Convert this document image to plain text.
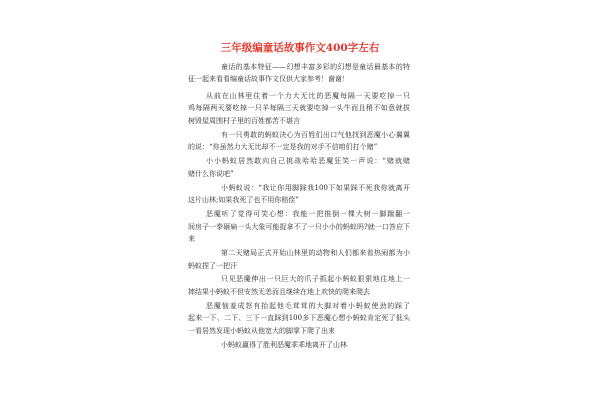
三年级编童话故事作文400字左右
童话的基本特征——幻想丰富多彩的幻想是童话最基本的特
征一起来看看编童话故事作文仅供大家参考！谢谢！
从前在山林里住着一个力大无比的恶魔每隔一天要吃掉一只
鸡每隔两天要吃掉一只羊每隔三天就要吃掉一头牛而且稍不如意就拔
树毁屋周围村子里的百姓都苦不堪言
有一只勇敢的蚂蚁决心为百姓们出口气他找到恶魔小心翼翼
的说：“你虽然力大无比却不一定是我的对手不信咱们打个赌”
小小蚂蚁居然敢向自己挑战哈哈恶魔狂笑一声说：“赌就赌
赌什么你说吧”
小蚂蚁说：“我让你用脚踩我100下如果踩不死我你就离开
这片山林;如果我死了也不用你赔偿”
恶魔听了觉得可笑心想：我能一把推倒一棵大树一脚踹翻一
间房子一拳砸扁一头大象可能捉拿不了一只小小的蚂蚁吗?就一口答应下
来
第二天赌局正式开始山林里的动物和人们都来看热闹都为小
蚂蚁捏了一把汗
只见恶魔伸出一只巨大的爪子抓起小蚂蚁狠狠地往地上一
摔结果小蚂蚁不但安然无恙而且继续在地上欢快的爬来爬去
恶魔恼羞成怒有抬起他毛茸茸的大脚对着小蚂蚁使劲的踩了
起来一下、二下、三下一直踩到100多下恶魔心想小蚂蚁肯定死了低头
一看居然发现小蚂蚁从他宽大的脚掌下爬了出来
小蚂蚁赢得了胜利恶魔乖乖地离开了山林
